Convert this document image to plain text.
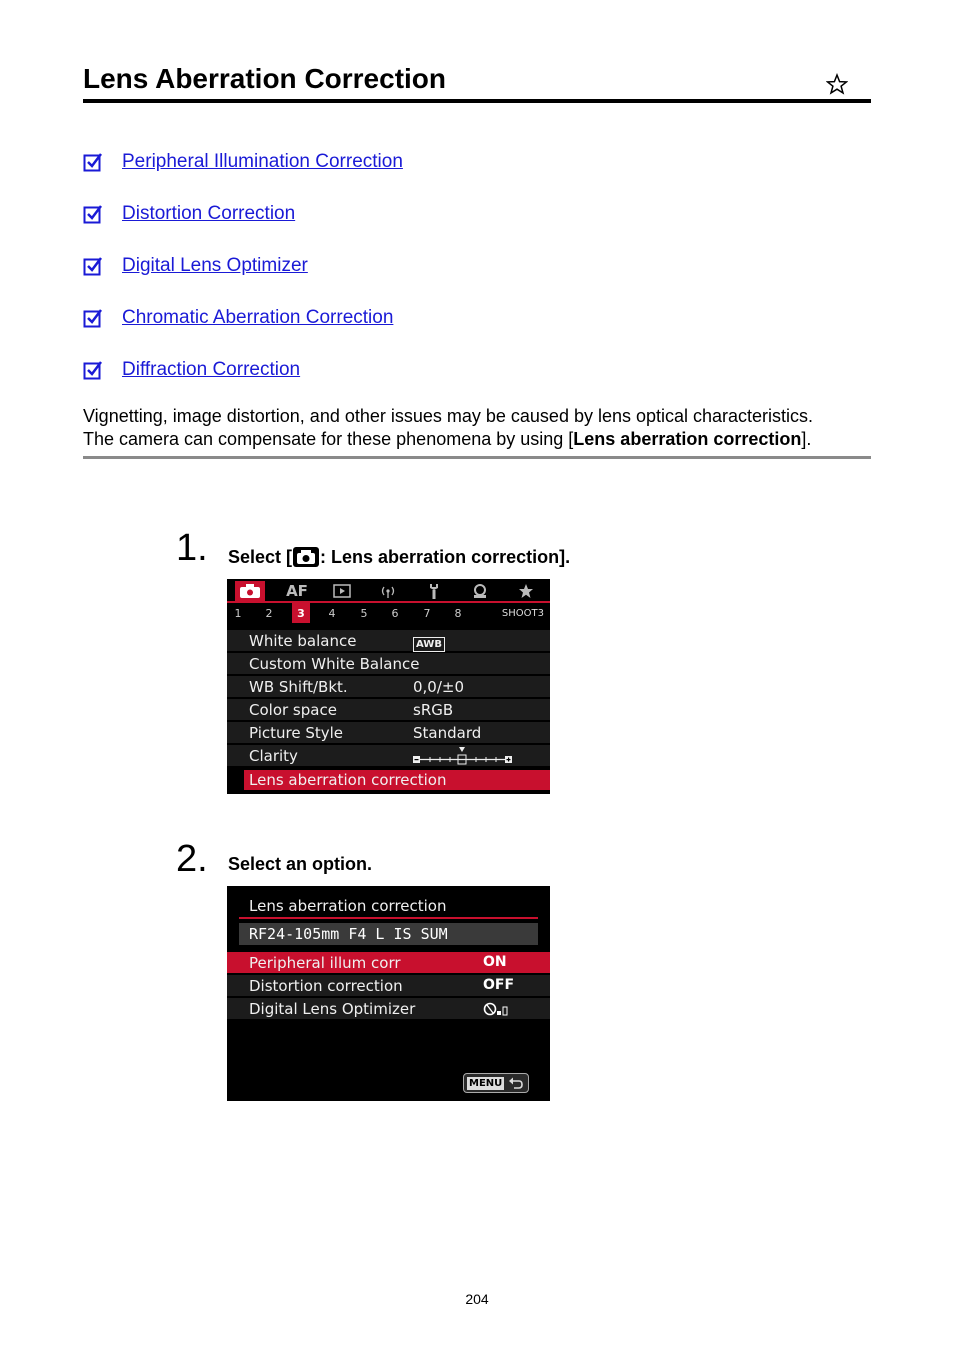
Lens Aberration Correction
Peripheral Illumination Correction
Distortion Correction
Digital Lens Optimizer
Chromatic Aberration Correction
Diffraction Correction

Vignetting, image distortion, and other issues may be caused by lens optical characteristics.
The camera can compensate for these phenomena by using [Lens aberration correction].

1. Select [ : Lens aberration correction].
AF
1	2	3	4	5	6	7	8	SHOOT3
White balance	AWB
Custom White Balance
WB Shift/Bkt.	0,0/±0
Color space	sRGB
Picture Style	Standard
Clarity
Lens aberration correction
2. Select an option.
Lens aberration correction
RF24-105mm F4 L IS SUM
Peripheral illum corr	ON
Distortion correction	OFF
Digital Lens Optimizer
MENU
204
